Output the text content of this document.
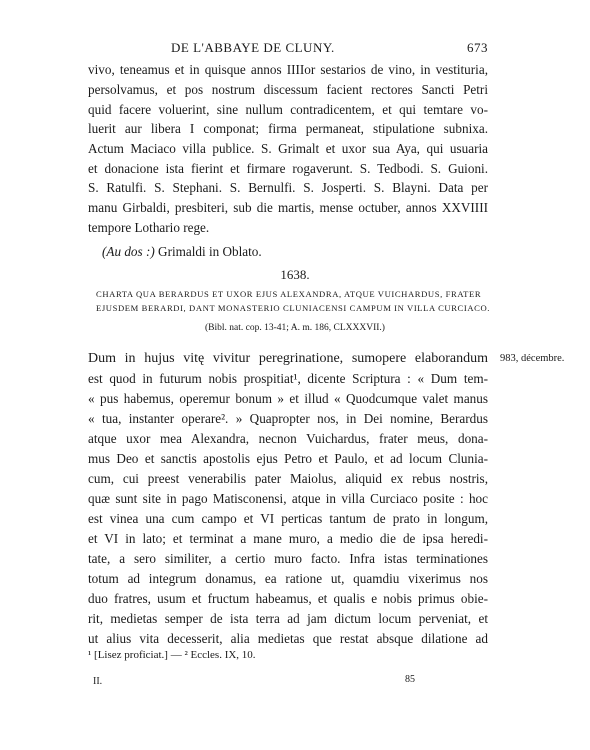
DE L'ABBAYE DE CLUNY.	673
vivo, teneamus et in quisque annos IIIIor sestarios de vino, in vestituria,
persolvamus, et pos nostrum discessum facient rectores Sancti Petri
quid facere voluerint, sine nullum contradicentem, et qui temtare vo-
luerit aur libera I componat; firma permaneat, stipulatione subnixa.
Actum Maciaco villa publice. S. Grimalt et uxor sua Aya, qui usuaria
et donacione ista fierint et firmare rogaverunt. S. Tedbodi. S. Guioni.
S. Ratulfi. S. Stephani. S. Bernulfi. S. Josperti. S. Blayni. Data per
manu Girbaldi, presbiteri, sub die martis, mense octuber, annos XXVIIII
tempore Lothario rege.
(Au dos :) Grimaldi in Oblato.
1638.
CHARTA QUA BERARDUS ET UXOR EJUS ALEXANDRA, ATQUE VUICHARDUS, FRATER
EJUSDEM BERARDI, DANT MONASTERIO CLUNIACENSI CAMPUM IN VILLA CURCIACO.
(Bibl. nat. cop. 13-41; A. m. 186, CLXXXVII.)
983, décembre.
Dum in hujus vitę vivitur peregrinatione, sumopere elaborandum
est quod in futurum nobis prospitiat¹, dicente Scriptura : « Dum tem-
« pus habemus, operemur bonum » et illud « Quodcumque valet manus
« tua, instanter operare². » Quapropter nos, in Dei nomine, Berardus
atque uxor mea Alexandra, necnon Vuichardus, frater meus, dona-
mus Deo et sanctis apostolis ejus Petro et Paulo, et ad locum Clunia-
cum, cui preest venerabilis pater Maiolus, aliquid ex rebus nostris,
quæ sunt site in pago Matisconensi, atque in villa Curciaco posite : hoc
est vinea una cum campo et VI perticas tantum de prato in longum,
et VI in lato; et terminat a mane muro, a medio die de ipsa heredi-
tate, a sero similiter, a certio muro facto. Infra istas terminationes
totum ad integrum donamus, ea ratione ut, quamdiu vixerimus nos
duo fratres, usum et fructum habeamus, et qualis e nobis primus obie-
rit, medietas semper de ista terra ad jam dictum locum perveniat, et
ut alius vita decesserit, alia medietas que restat absque dilatione ad
¹ [Lisez proficiat.] — ² Eccles. IX, 10.
II.	85
